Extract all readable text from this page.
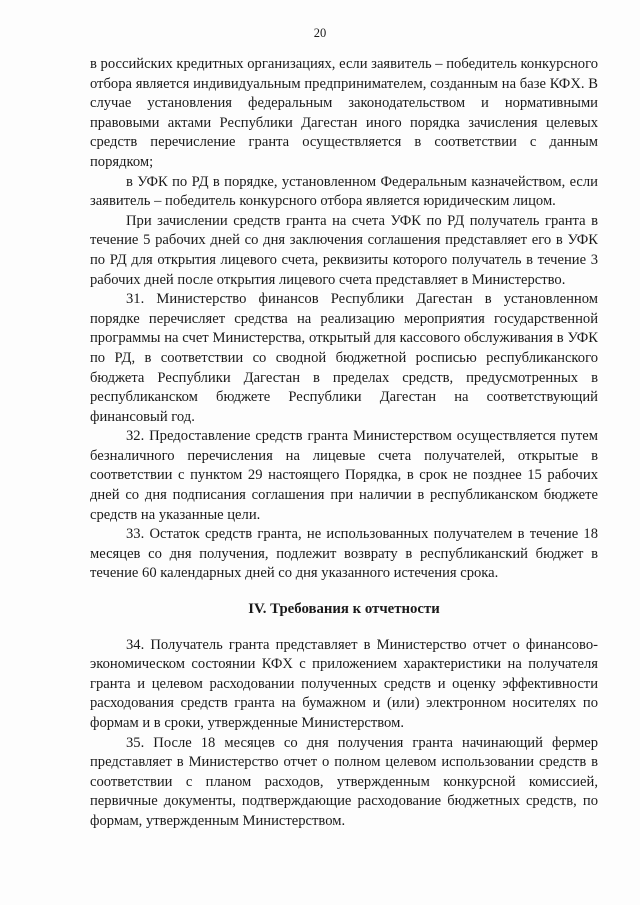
20

в российских кредитных организациях, если заявитель – победитель конкурсного отбора является индивидуальным предпринимателем, созданным на базе КФХ. В случае установления федеральным законодательством и нормативными правовыми актами Республики Дагестан иного порядка зачисления целевых средств перечисление гранта осуществляется в соответствии с данным порядком;

в УФК по РД в порядке, установленном Федеральным казначейством, если заявитель – победитель конкурсного отбора является юридическим лицом.

При зачислении средств гранта на счета УФК по РД получатель гранта в течение 5 рабочих дней со дня заключения соглашения представляет его в УФК по РД для открытия лицевого счета, реквизиты которого получатель в течение 3 рабочих дней после открытия лицевого счета представляет в Министерство.

31. Министерство финансов Республики Дагестан в установленном порядке перечисляет средства на реализацию мероприятия государственной программы на счет Министерства, открытый для кассового обслуживания в УФК по РД, в соответствии со сводной бюджетной росписью республиканского бюджета Республики Дагестан в пределах средств, предусмотренных в республиканском бюджете Республики Дагестан на соответствующий финансовый год.

32. Предоставление средств гранта Министерством осуществляется путем безналичного перечисления на лицевые счета получателей, открытые в соответствии с пунктом 29 настоящего Порядка, в срок не позднее 15 рабочих дней со дня подписания соглашения при наличии в республиканском бюджете средств на указанные цели.

33. Остаток средств гранта, не использованных получателем в течение 18 месяцев со дня получения, подлежит возврату в республиканский бюджет в течение 60 календарных дней со дня указанного истечения срока.

IV. Требования к отчетности

34. Получатель гранта представляет в Министерство отчет о финансово-экономическом состоянии КФХ с приложением характеристики на получателя гранта и целевом расходовании полученных средств и оценку эффективности расходования средств гранта на бумажном и (или) электронном носителях по формам и в сроки, утвержденные Министерством.

35. После 18 месяцев со дня получения гранта начинающий фермер представляет в Министерство отчет о полном целевом использовании средств в соответствии с планом расходов, утвержденным конкурсной комиссией, первичные документы, подтверждающие расходование бюджетных средств, по формам, утвержденным Министерством.
